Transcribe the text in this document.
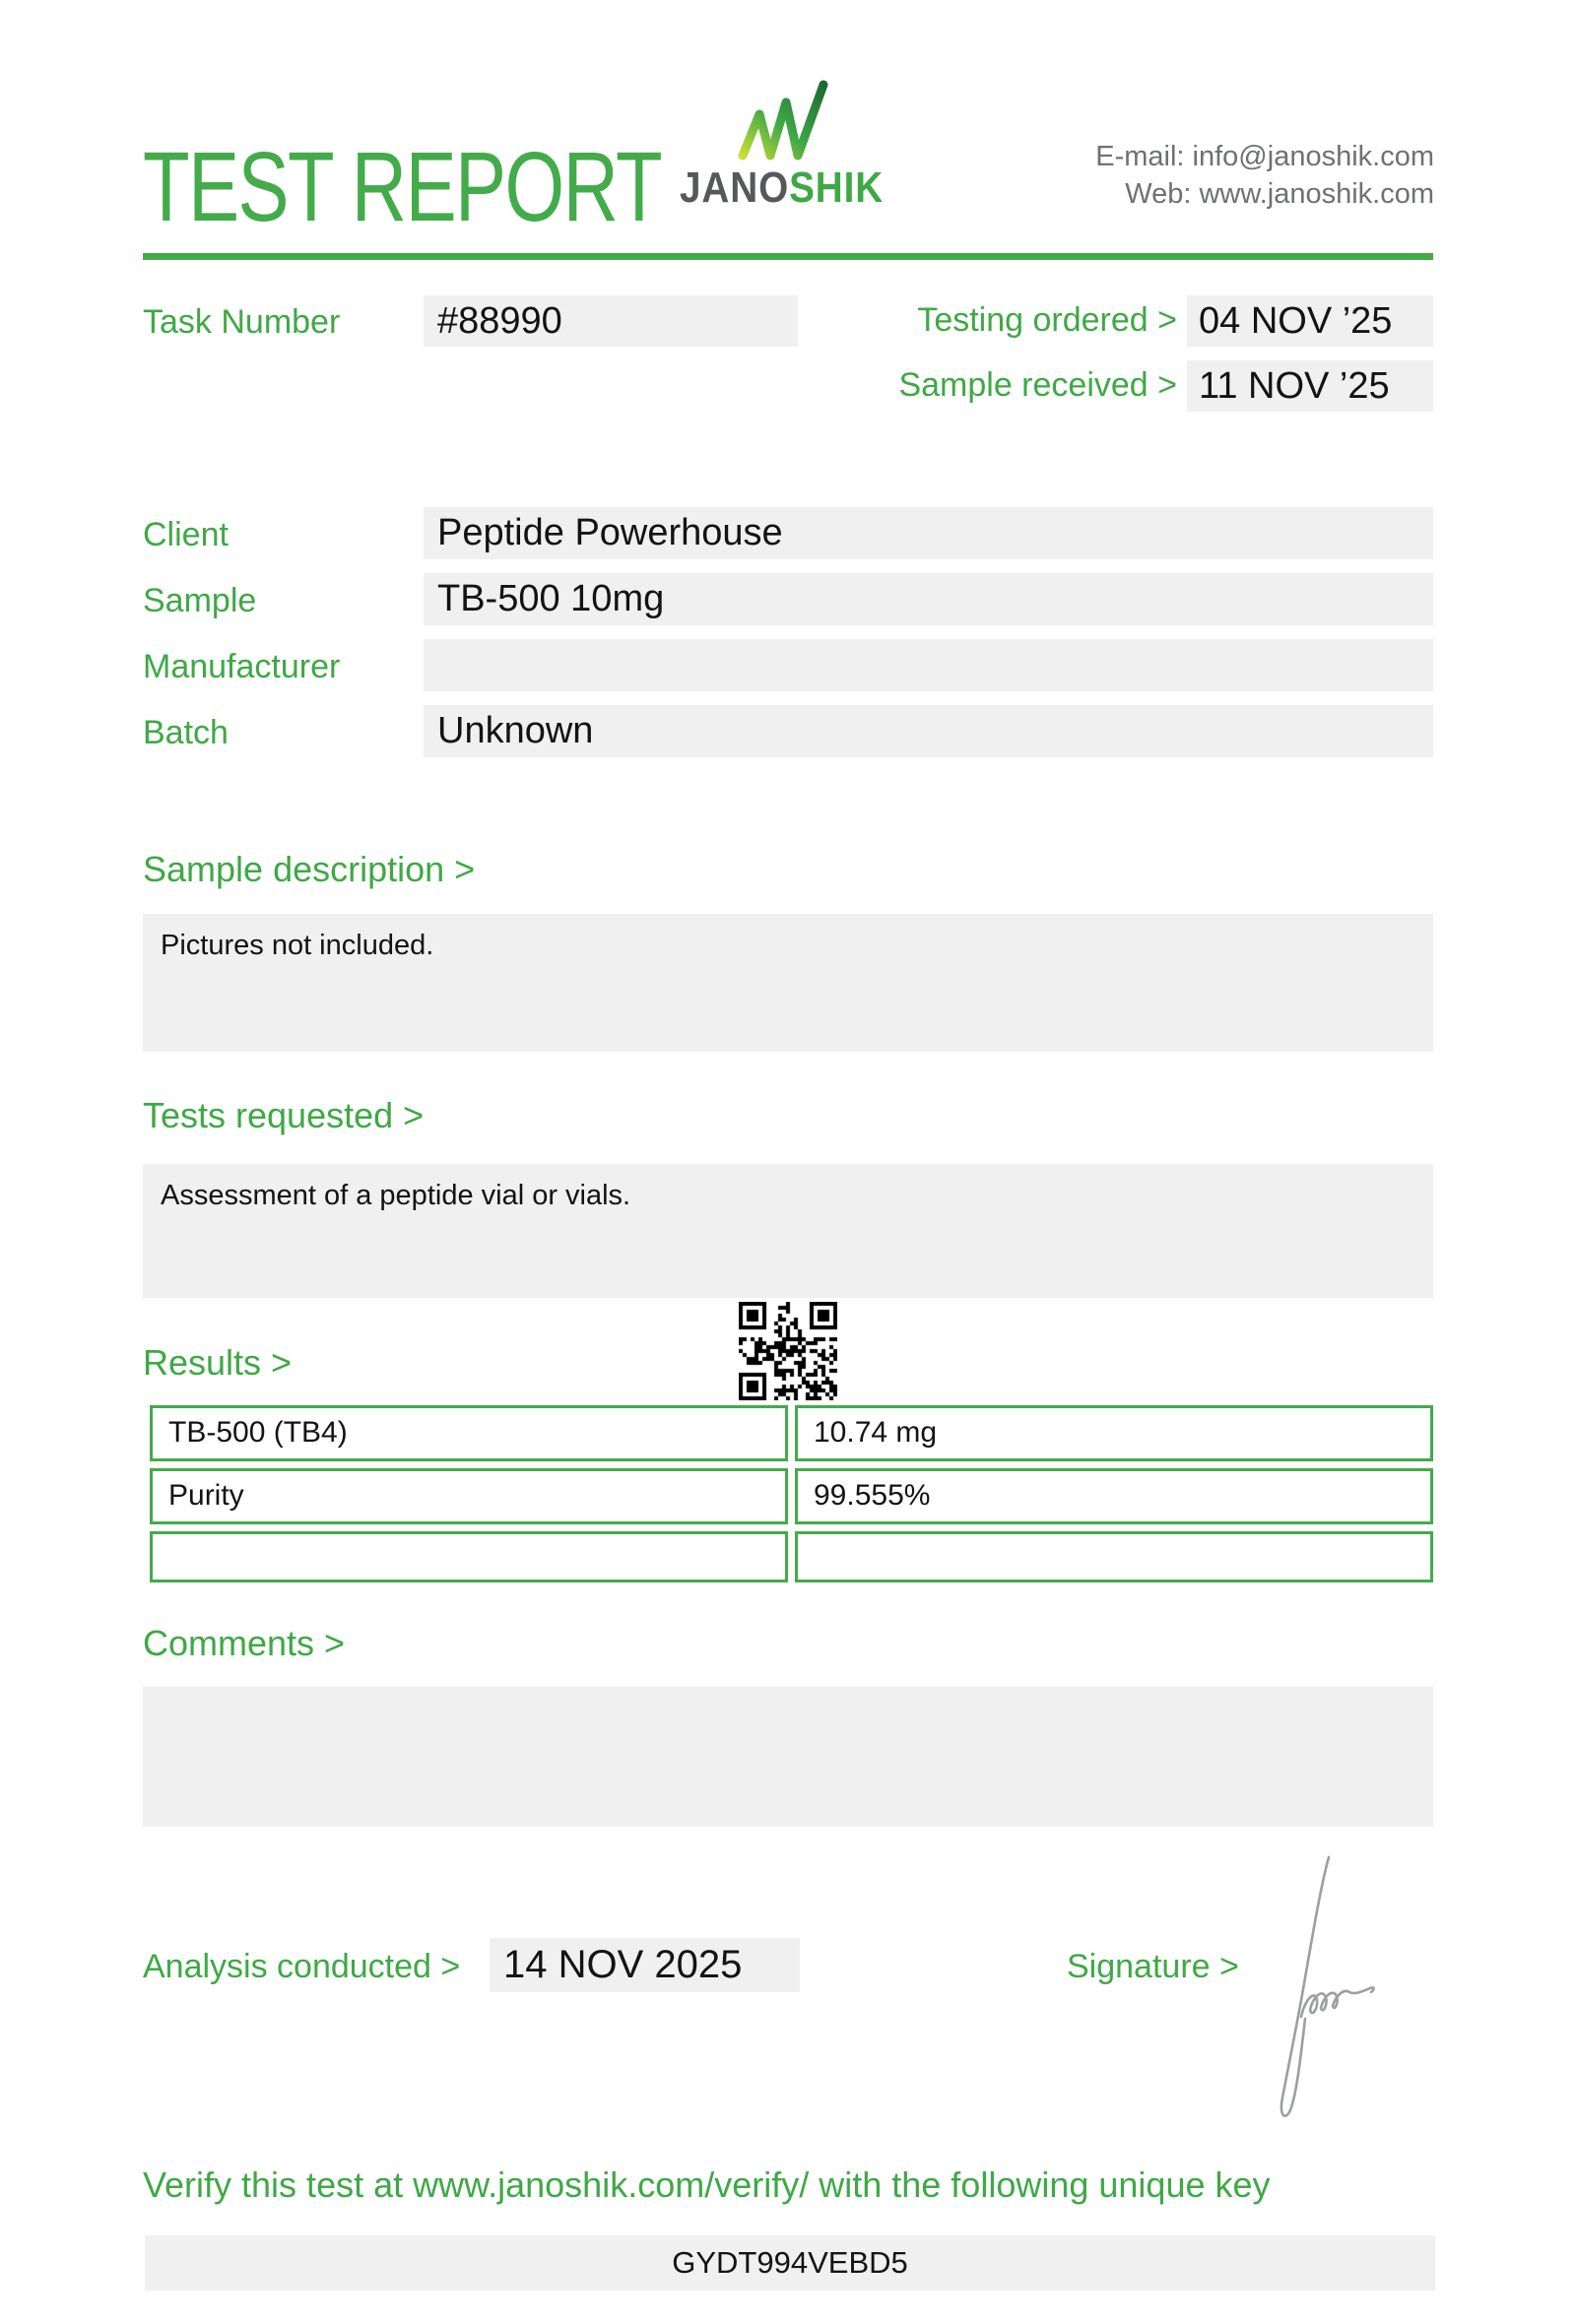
TEST REPORT JANOSHIK
E-mail: info@janoshik.com
Web: www.janoshik.com
Task Number	#88990	Testing ordered > 04 NOV ’25
Sample received > 11 NOV ’25
Client	Peptide Powerhouse
Sample	TB-500 10mg
Manufacturer
Batch	Unknown
Sample description >
Pictures not included.
Tests requested >
Assessment of a peptide vial or vials.
Results >
TB-500 (TB4)	10.74 mg
Purity	99.555%
Comments >
Analysis conducted >	14 NOV 2025	Signature >
Verify this test at www.janoshik.com/verify/ with the following unique key
GYDT994VEBD5
